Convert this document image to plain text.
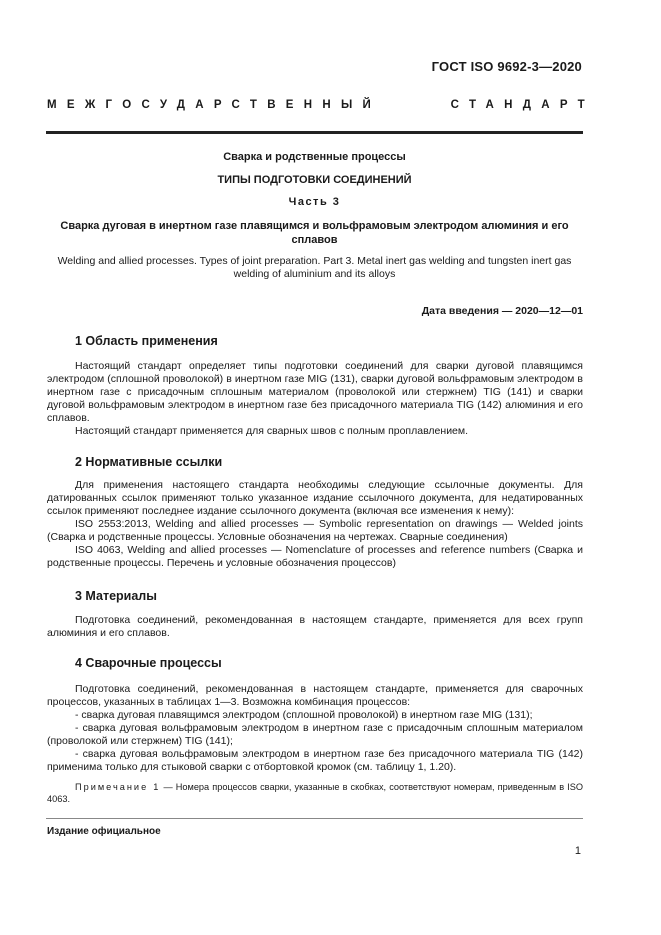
ГОСТ ISO 9692-3—2020
МЕЖГОСУДАРСТВЕННЫЙ	СТАНДАРТ
Сварка и родственные процессы
ТИПЫ ПОДГОТОВКИ СОЕДИНЕНИЙ
Часть 3
Сварка дуговая в инертном газе плавящимся и вольфрамовым электродом алюминия и его сплавов
Welding and allied processes. Types of joint preparation. Part 3. Metal inert gas welding and tungsten inert gas welding of aluminium and its alloys
Дата введения — 2020—12—01
1 Область применения

Настоящий стандарт определяет типы подготовки соединений для сварки дуговой плавящимся электродом (сплошной проволокой) в инертном газе MIG (131), сварки дуговой вольфрамовым электродом в инертном газе с присадочным сплошным материалом (проволокой или стержнем) TIG (141) и сварки дуговой вольфрамовым электродом в инертном газе без присадочного материала TIG (142) алюминия и его сплавов.

Настоящий стандарт применяется для сварных швов с полным проплавлением.

2 Нормативные ссылки

Для применения настоящего стандарта необходимы следующие ссылочные документы. Для датированных ссылок применяют только указанное издание ссылочного документа, для недатированных ссылок применяют последнее издание ссылочного документа (включая все изменения к нему):

ISO 2553:2013, Welding and allied processes — Symbolic representation on drawings — Welded joints (Сварка и родственные процессы. Условные обозначения на чертежах. Сварные соединения)

ISO 4063, Welding and allied processes — Nomenclature of processes and reference numbers (Сварка и родственные процессы. Перечень и условные обозначения процессов)

3 Материалы

Подготовка соединений, рекомендованная в настоящем стандарте, применяется для всех групп алюминия и его сплавов.

4 Сварочные процессы

Подготовка соединений, рекомендованная в настоящем стандарте, применяется для сварочных процессов, указанных в таблицах 1—3. Возможна комбинация процессов:

- сварка дуговая плавящимся электродом (сплошной проволокой) в инертном газе MIG (131);

- сварка дуговая вольфрамовым электродом в инертном газе с присадочным сплошным материалом (проволокой или стержнем) TIG (141);

- сварка дуговая вольфрамовым электродом в инертном газе без присадочного материала TIG (142) применима только для стыковой сварки с отбортовкой кромок (см. таблицу 1, 1.20).

Примечание 1 — Номера процессов сварки, указанные в скобках, соответствуют номерам, приведенным в ISO 4063.

Издание официальное
1
